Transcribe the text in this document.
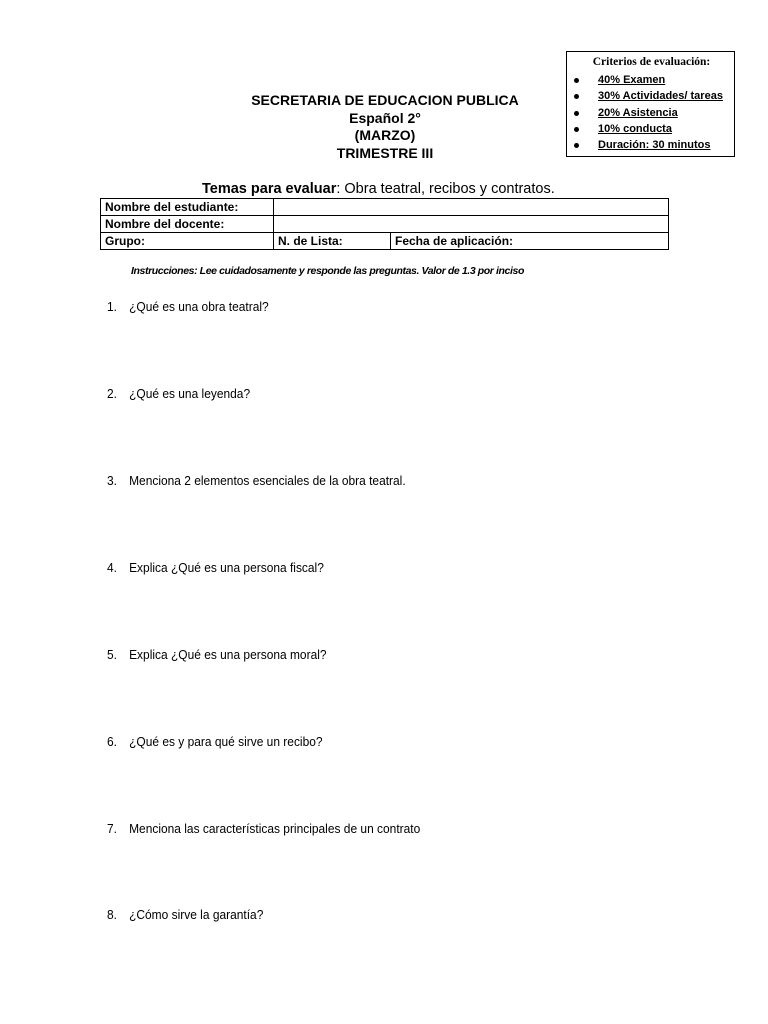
Criterios de evaluación:
40% Examen
30% Actividades/ tareas
20% Asistencia
10% conducta
Duración: 30 minutos
SECRETARIA DE EDUCACION PUBLICA
Español 2°
(MARZO)
TRIMESTRE III
Temas para evaluar: Obra teatral, recibos y contratos.
Nombre del estudiante:		
Nombre del docente:		
Grupo:	N. de Lista:	Fecha de aplicación:
Instrucciones: Lee cuidadosamente y responde las preguntas. Valor de 1.3 por inciso
1. ¿Qué es una obra teatral?
2. ¿Qué es una leyenda?
3. Menciona 2 elementos esenciales de la obra teatral.
4. Explica ¿Qué es una persona fiscal?
5. Explica ¿Qué es una persona moral?
6. ¿Qué es y para qué sirve un recibo?
7. Menciona las características principales de un contrato
8. ¿Cómo sirve la garantía?
